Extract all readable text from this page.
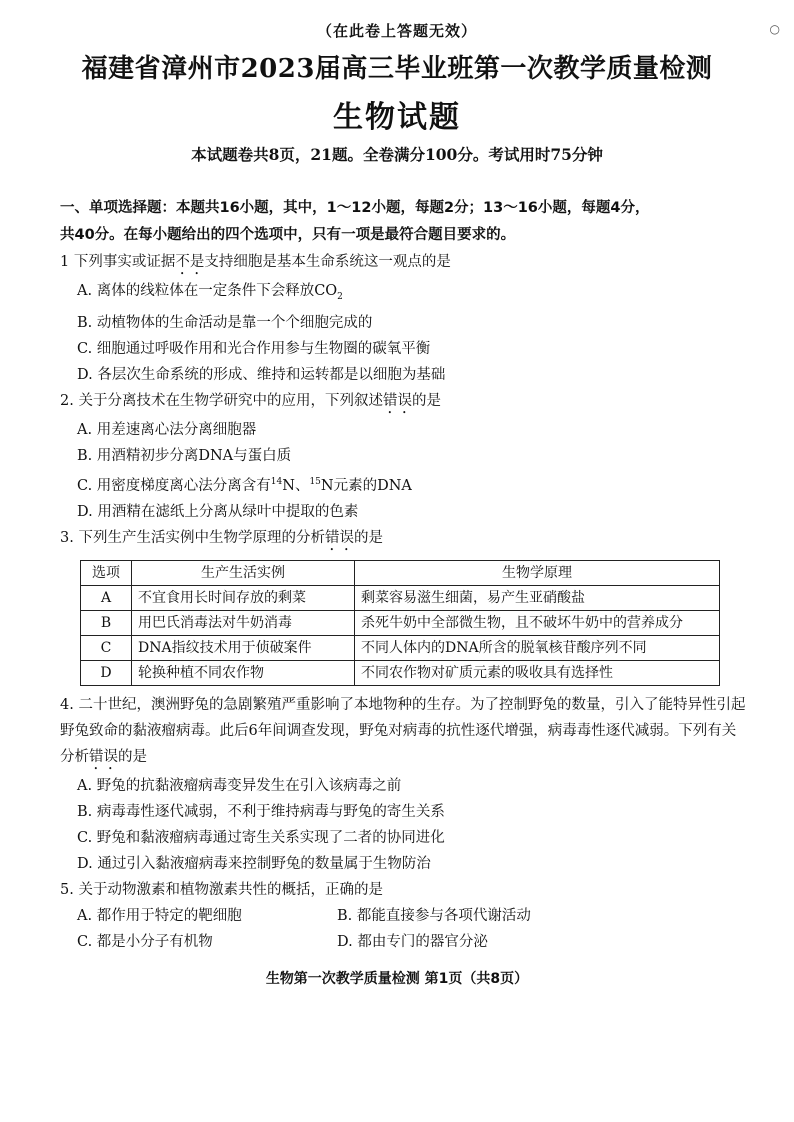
（在此卷上答题无效）	○
福建省漳州市2023届高三毕业班第一次教学质量检测
生物试题
本试题卷共8页，21题。全卷满分100分。考试用时75分钟

一、单项选择题：本题共16小题，其中，1～12小题，每题2分；13～16小题，每题4分，
共40分。在每小题给出的四个选项中，只有一项是最符合题目要求的。

1 下列事实或证据不是支持细胞是基本生命系统这一观点的是

A. 离体的线粒体在一定条件下会释放$CO_2$

B. 动植物体的生命活动是靠一个个细胞完成的

C. 细胞通过呼吸作用和光合作用参与生物圈的碳氧平衡

D. 各层次生命系统的形成、维持和运转都是以细胞为基础

2. 关于分离技术在生物学研究中的应用，下列叙述错误的是

A. 用差速离心法分离细胞器

B. 用酒精初步分离DNA与蛋白质

C. 用密度梯度离心法分离含有$^{14}$N、$^{15}$N元素的DNA

D. 用酒精在滤纸上分离从绿叶中提取的色素

3. 下列生产生活实例中生物学原理的分析错误的是

选项	生产生活实例	生物学原理
A	不宜食用长时间存放的剩菜	剩菜容易滋生细菌，易产生亚硝酸盐
B	用巴氏消毒法对牛奶消毒	杀死牛奶中全部微生物，且不破坏牛奶中的营养成分
C	DNA指纹技术用于侦破案件	不同人体内的DNA所含的脱氧核苷酸序列不同
D	轮换种植不同农作物	不同农作物对矿质元素的吸收具有选择性

4. 二十世纪，澳洲野兔的急剧繁殖严重影响了本地物种的生存。为了控制野兔的数量，引入了能特异性引起野兔致命的黏液瘤病毒。此后6年间调查发现，野兔对病毒的抗性逐代增强，病毒毒性逐代减弱。下列有关分析错误的是

A. 野兔的抗黏液瘤病毒变异发生在引入该病毒之前

B. 病毒毒性逐代减弱，不利于维持病毒与野兔的寄生关系

C. 野兔和黏液瘤病毒通过寄生关系实现了二者的协同进化

D. 通过引入黏液瘤病毒来控制野兔的数量属于生物防治

5. 关于动物激素和植物激素共性的概括，正确的是

A. 都作用于特定的靶细胞	B. 都能直接参与各项代谢活动
C. 都是小分子有机物	D. 都由专门的器官分泌
生物第一次教学质量检测 第1页（共8页）
